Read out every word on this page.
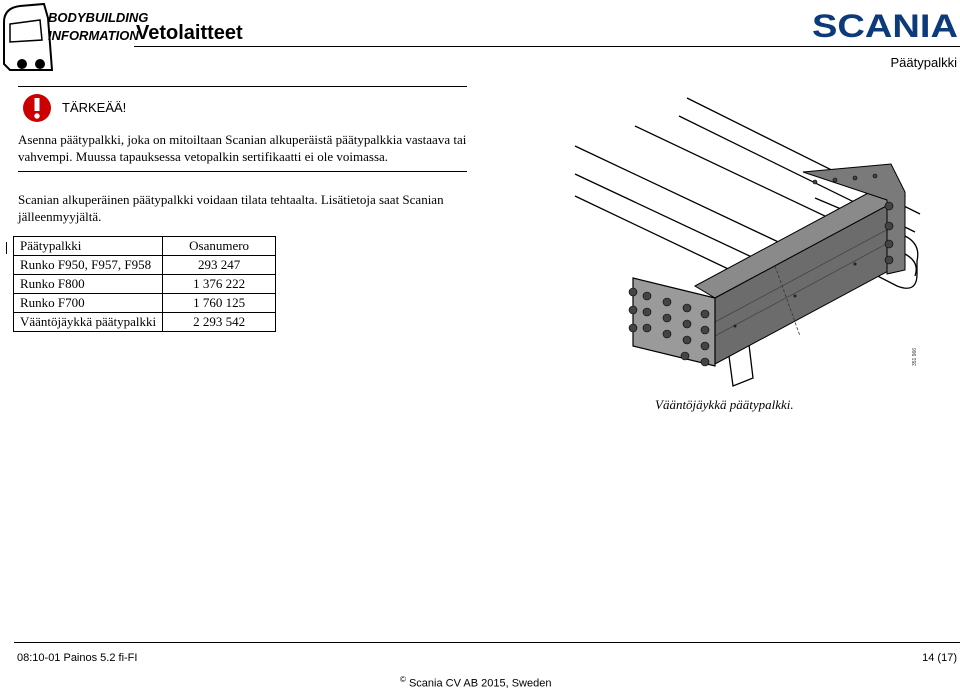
BODYBUILDING
INFORMATION
Vetolaitteet	SCANIA
Päätypalkki
TÄRKEÄÄ!
Asenna päätypalkki, joka on mitoiltaan Scanian alkuperäistä päätypalkkia vastaava tai vahvempi. Muussa tapauksessa vetopalkin sertifikaatti ei ole voimassa.
Scanian alkuperäinen päätypalkki voidaan tilata tehtaalta. Lisätietoja saat Scanian jälleenmyyjältä.
Päätypalkki	Osanumero
Runko F950, F957, F958	293 247
Runko F800	1 376 222
Runko F700	1 760 125
Vääntöjäykkä päätypalkki	2 293 542
351 966
Vääntöjäykkä päätypalkki.
08:10-01 Painos 5.2 fi-FI	14 (17)
© Scania CV AB 2015, Sweden
